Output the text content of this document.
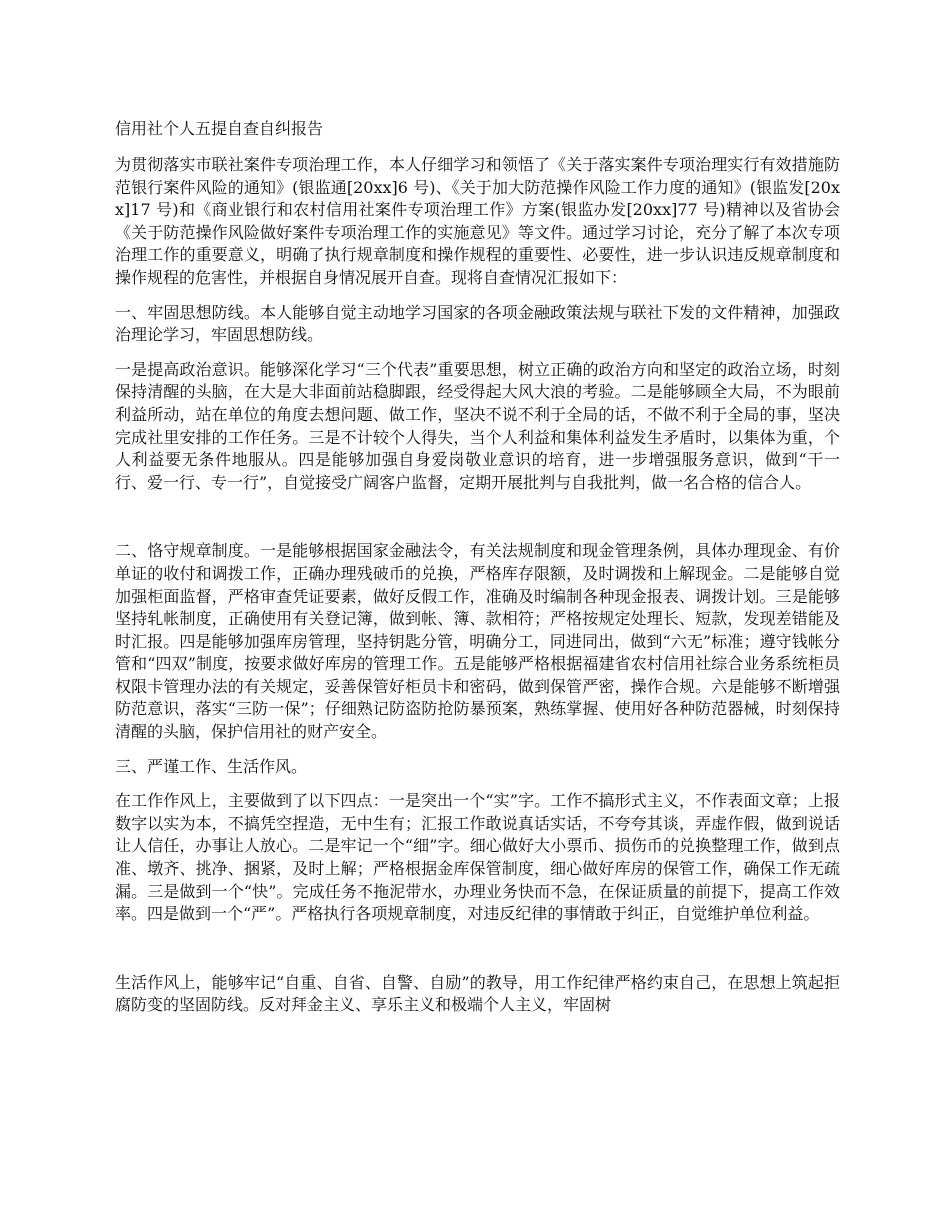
信用社个人五提自查自纠报告

为贯彻落实市联社案件专项治理工作，本人仔细学习和领悟了《关于落实案件专项治理实行有效措施防范银行案件风险的通知》(银监通[20xx]6 号)、《关于加大防范操作风险工作力度的通知》(银监发[20xx]17 号)和《商业银行和农村信用社案件专项治理工作》方案(银监办发[20xx]77 号)精神以及省协会《关于防范操作风险做好案件专项治理工作的实施意见》等文件。通过学习讨论，充分了解了本次专项治理工作的重要意义，明确了执行规章制度和操作规程的重要性、必要性，进一步认识违反规章制度和操作规程的危害性，并根据自身情况展开自查。现将自查情况汇报如下：

一、牢固思想防线。本人能够自觉主动地学习国家的各项金融政策法规与联社下发的文件精神，加强政治理论学习，牢固思想防线。

一是提高政治意识。能够深化学习“三个代表”重要思想，树立正确的政治方向和坚定的政治立场，时刻保持清醒的头脑，在大是大非面前站稳脚跟，经受得起大风大浪的考验。二是能够顾全大局，不为眼前利益所动，站在单位的角度去想问题、做工作，坚决不说不利于全局的话，不做不利于全局的事，坚决完成社里安排的工作任务。三是不计较个人得失，当个人利益和集体利益发生矛盾时，以集体为重，个人利益要无条件地服从。四是能够加强自身爱岗敬业意识的培育，进一步增强服务意识，做到“干一行、爱一行、专一行”，自觉接受广阔客户监督，定期开展批判与自我批判，做一名合格的信合人。

二、恪守规章制度。一是能够根据国家金融法令，有关法规制度和现金管理条例，具体办理现金、有价单证的收付和调拨工作，正确办理残破币的兑换，严格库存限额，及时调拨和上解现金。二是能够自觉加强柜面监督，严格审查凭证要素，做好反假工作，准确及时编制各种现金报表、调拨计划。三是能够坚持轧帐制度，正确使用有关登记簿，做到帐、簿、款相符；严格按规定处理长、短款，发现差错能及时汇报。四是能够加强库房管理，坚持钥匙分管，明确分工，同进同出，做到“六无”标准；遵守钱帐分管和“四双”制度，按要求做好库房的管理工作。五是能够严格根据福建省农村信用社综合业务系统柜员权限卡管理办法的有关规定，妥善保管好柜员卡和密码，做到保管严密，操作合规。六是能够不断增强防范意识，落实“三防一保”；仔细熟记防盗防抢防暴预案，熟练掌握、使用好各种防范器械，时刻保持清醒的头脑，保护信用社的财产安全。

三、严谨工作、生活作风。

在工作作风上，主要做到了以下四点：一是突出一个“实”字。工作不搞形式主义，不作表面文章；上报数字以实为本，不搞凭空捏造，无中生有；汇报工作敢说真话实话，不夸夸其谈，弄虚作假，做到说话让人信任，办事让人放心。二是牢记一个“细”字。细心做好大小票币、损伤币的兑换整理工作，做到点准、墩齐、挑净、捆紧，及时上解；严格根据金库保管制度，细心做好库房的保管工作，确保工作无疏漏。三是做到一个“快”。完成任务不拖泥带水，办理业务快而不急，在保证质量的前提下，提高工作效率。四是做到一个“严”。严格执行各项规章制度，对违反纪律的事情敢于纠正，自觉维护单位利益。

生活作风上，能够牢记“自重、自省、自警、自励”的教导，用工作纪律严格约束自己，在思想上筑起拒腐防变的坚固防线。反对拜金主义、享乐主义和极端个人主义，牢固树
